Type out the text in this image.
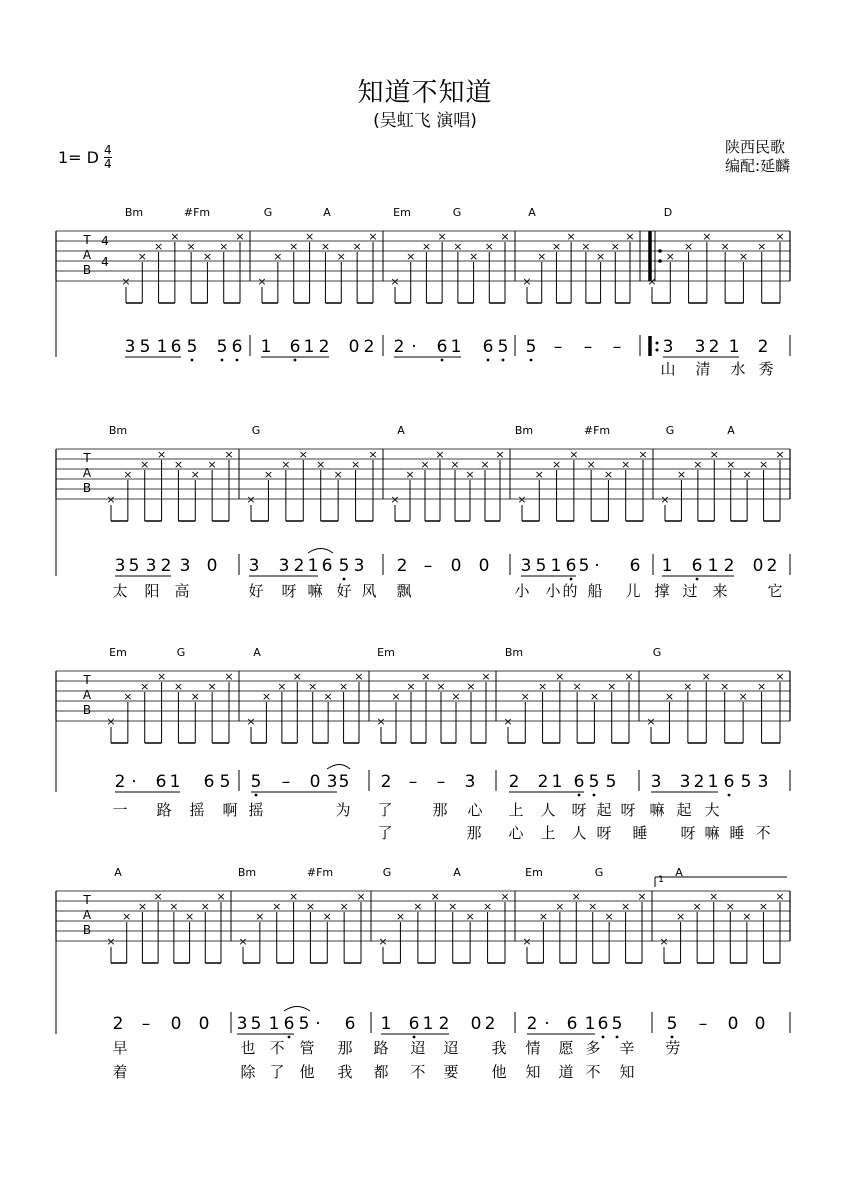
知道不知道
(吴虹飞 演唱)
1= D 4
4
陕西民歌
编配:延麟
T
A
B
4
4
Bm	#Fm	G	A	Em	G	A	D
×
×
×
×
×
×
×
×
×
×
×
×
×
×
×
×
×
×
×
×
×
×
×
×
×
×
×
×
×
×
×
×
×
×
×
×
×
×
×
×
3 5 1 6 5 5 6 1 6 1 2 0 2 2 · 6 1 6 5 5 – – – 3 3 2 1 2
山 清 水 秀
T
A
B
Bm	G	A	Bm	#Fm	G	A
×
×
×
×
×
×
×
×
×
×
×
×
×
×
×
×
×
×
×
×
×
×
×
×
×
×
×
×
×
×
×
×
×
×
×
×
×
×
×
×
3 5 3 2 3 0 3 3 2 1 6 5 3 2 – 0 0 3 5 1 6 5 · 6 1 6 1 2 0 2
太 阳 高	好 呀 嘛 好 风 飘	小 小 的 船 儿 撑 过 来	它
T
A
B
Em	G	A	Em	Bm	G
×
×
×
×
×
×
×
×
×
×
×
×
×
×
×
×
×
×
×
×
×
×
×
×
×
×
×
×
×
×
×
×
×
×
×
×
×
×
×
×
2 · 6 1 6 5 5 – 0 3 5 2 – – 3 2 2 1 6 5 5 3 3 2 1 6 5 3
一 路 摇 啊 摇	为 了	那 心 上 人 呀 起 呀 嘛 起 大
了	那 心 上 人 呀 睡 呀 嘛 睡 不
T
A
B
A	Bm	#Fm	G	A	Em	G	A
×
×
×
×
×
×
×
×
×
×
×
×
×
×
×
×
×
×
×
×
×
×
×
×
×
×
×
×
×
×
×
×
×
×
×
×
×
×
×
×
2 – 0 0 3 5 1 6 5 · 6 1 6 1 2 0 2 2 · 6 1 6 5	5 – 0 0
早	也 不 管 那 路 迢 迢 我 情 愿 多 辛 劳
着	除 了 他 我 都 不 要 他 知 道 不 知
1
